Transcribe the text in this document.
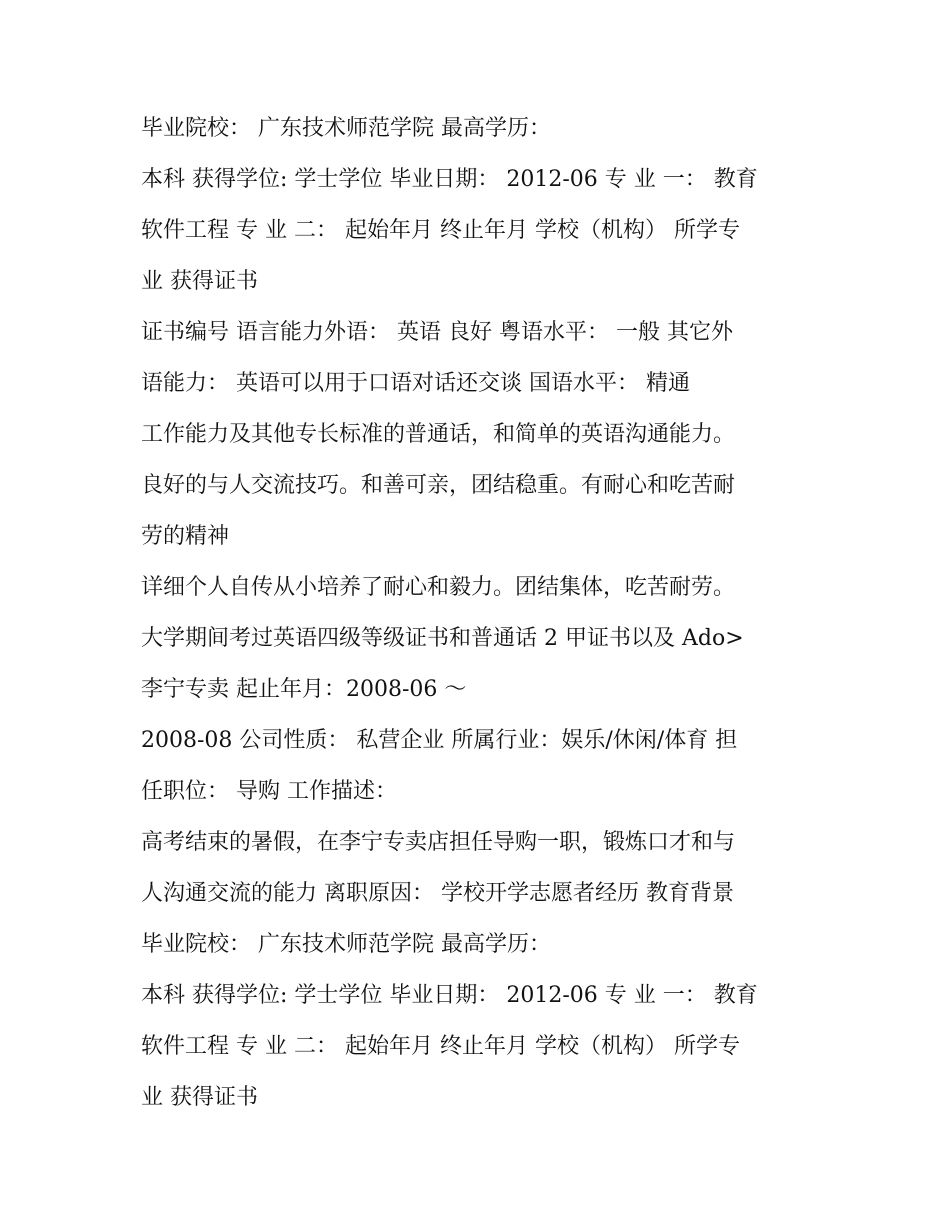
毕业院校： 广东技术师范学院 最高学历：
本科 获得学位: 学士学位 毕业日期： 2012-06 专 业 一： 教育
软件工程 专 业 二： 起始年月 终止年月 学校（机构） 所学专
业 获得证书
证书编号 语言能力外语： 英语 良好 粤语水平： 一般 其它外
语能力： 英语可以用于口语对话还交谈 国语水平： 精通
工作能力及其他专长标准的普通话，和简单的英语沟通能力。
良好的与人交流技巧。和善可亲，团结稳重。有耐心和吃苦耐
劳的精神
详细个人自传从小培养了耐心和毅力。团结集体，吃苦耐劳。
大学期间考过英语四级等级证书和普通话 2 甲证书以及 Ado>
李宁专卖 起止年月：2008-06 ～
2008-08 公司性质： 私营企业 所属行业：娱乐/休闲/体育 担
任职位： 导购 工作描述：
高考结束的暑假，在李宁专卖店担任导购一职，锻炼口才和与
人沟通交流的能力 离职原因： 学校开学志愿者经历 教育背景
毕业院校： 广东技术师范学院 最高学历：
本科 获得学位: 学士学位 毕业日期： 2012-06 专 业 一： 教育
软件工程 专 业 二： 起始年月 终止年月 学校（机构） 所学专
业 获得证书
